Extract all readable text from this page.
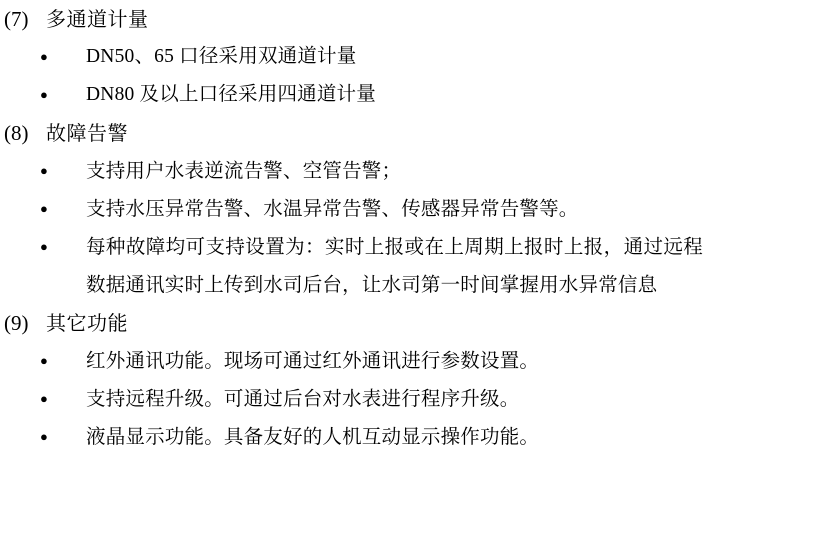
(7) 多通道计量
●	DN50、65 口径采用双通道计量
●	DN80 及以上口径采用四通道计量
(8) 故障告警
●	支持用户水表逆流告警、空管告警；
●	支持水压异常告警、水温异常告警、传感器异常告警等。
●	每种故障均可支持设置为：实时上报或在上周期上报时上报，通过远程数据通讯实时上传到水司后台，让水司第一时间掌握用水异常信息
(9) 其它功能
●	红外通讯功能。现场可通过红外通讯进行参数设置。
●	支持远程升级。可通过后台对水表进行程序升级。
●	液晶显示功能。具备友好的人机互动显示操作功能。
